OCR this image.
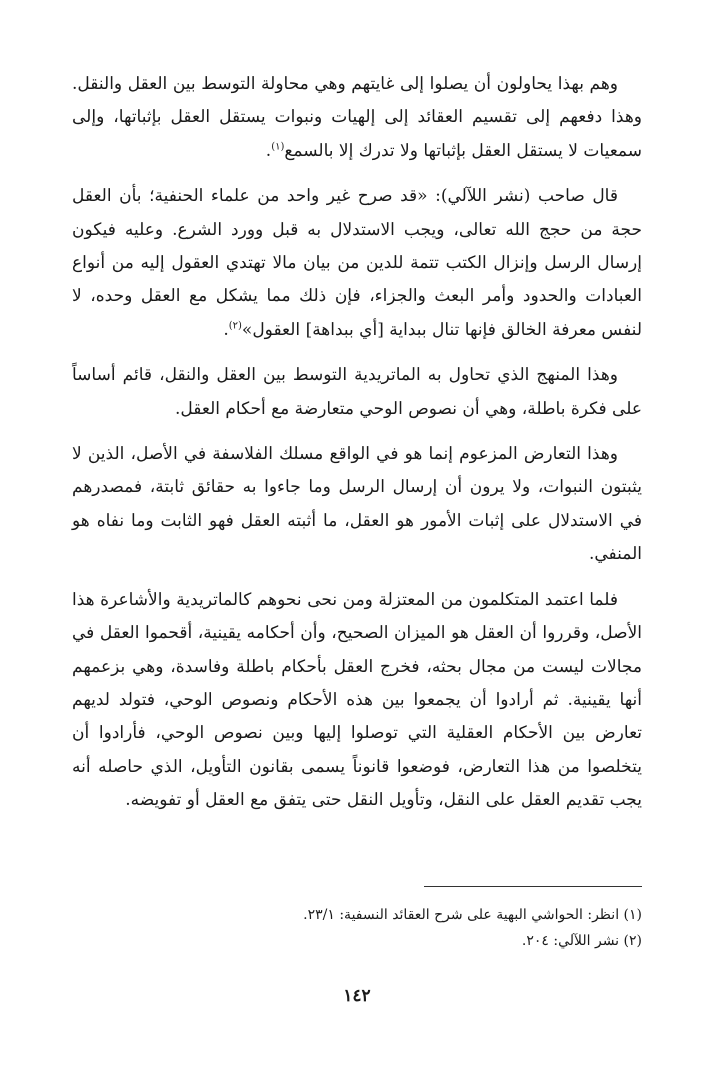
وهم بهذا يحاولون أن يصلوا إلى غايتهم وهي محاولة التوسط بين العقل والنقل. وهذا دفعهم إلى تقسيم العقائد إلى إلهيات ونبوات يستقل العقل بإثباتها، وإلى سمعيات لا يستقل العقل بإثباتها ولا تدرك إلا بالسمع$^{(١)}$.

قال صاحب (نشر اللآلي): «قد صرح غير واحد من علماء الحنفية؛ بأن العقل حجة من حجج الله تعالى، ويجب الاستدلال به قبل وورد الشرع. وعليه فيكون إرسال الرسل وإنزال الكتب تتمة للدين من بيان مالا تهتدي العقول إليه من أنواع العبادات والحدود وأمر البعث والجزاء، فإن ذلك مما يشكل مع العقل وحده، لا لنفس معرفة الخالق فإنها تنال ببداية [أي ببداهة] العقول»$^{(٢)}$.

وهذا المنهج الذي تحاول به الماتريدية التوسط بين العقل والنقل، قائم أساساً على فكرة باطلة، وهي أن نصوص الوحي متعارضة مع أحكام العقل.

وهذا التعارض المزعوم إنما هو في الواقع مسلك الفلاسفة في الأصل، الذين لا يثبتون النبوات، ولا يرون أن إرسال الرسل وما جاءوا به حقائق ثابتة، فمصدرهم في الاستدلال على إثبات الأمور هو العقل، ما أثبته العقل فهو الثابت وما نفاه هو المنفي.

فلما اعتمد المتكلمون من المعتزلة ومن نحى نحوهم كالماتريدية والأشاعرة هذا الأصل، وقرروا أن العقل هو الميزان الصحيح، وأن أحكامه يقينية، أقحموا العقل في مجالات ليست من مجال بحثه، فخرج العقل بأحكام باطلة وفاسدة، وهي بزعمهم أنها يقينية. ثم أرادوا أن يجمعوا بين هذه الأحكام ونصوص الوحي، فتولد لديهم تعارض بين الأحكام العقلية التي توصلوا إليها وبين نصوص الوحي، فأرادوا أن يتخلصوا من هذا التعارض، فوضعوا قانوناً يسمى بقانون التأويل، الذي حاصله أنه يجب تقديم العقل على النقل، وتأويل النقل حتى يتفق مع العقل أو تفويضه.

(١) انظر: الحواشي البهية على شرح العقائد النسفية: ٢٣/١.

(٢) نشر اللآلي: ٢٠٤.

١٤٢
